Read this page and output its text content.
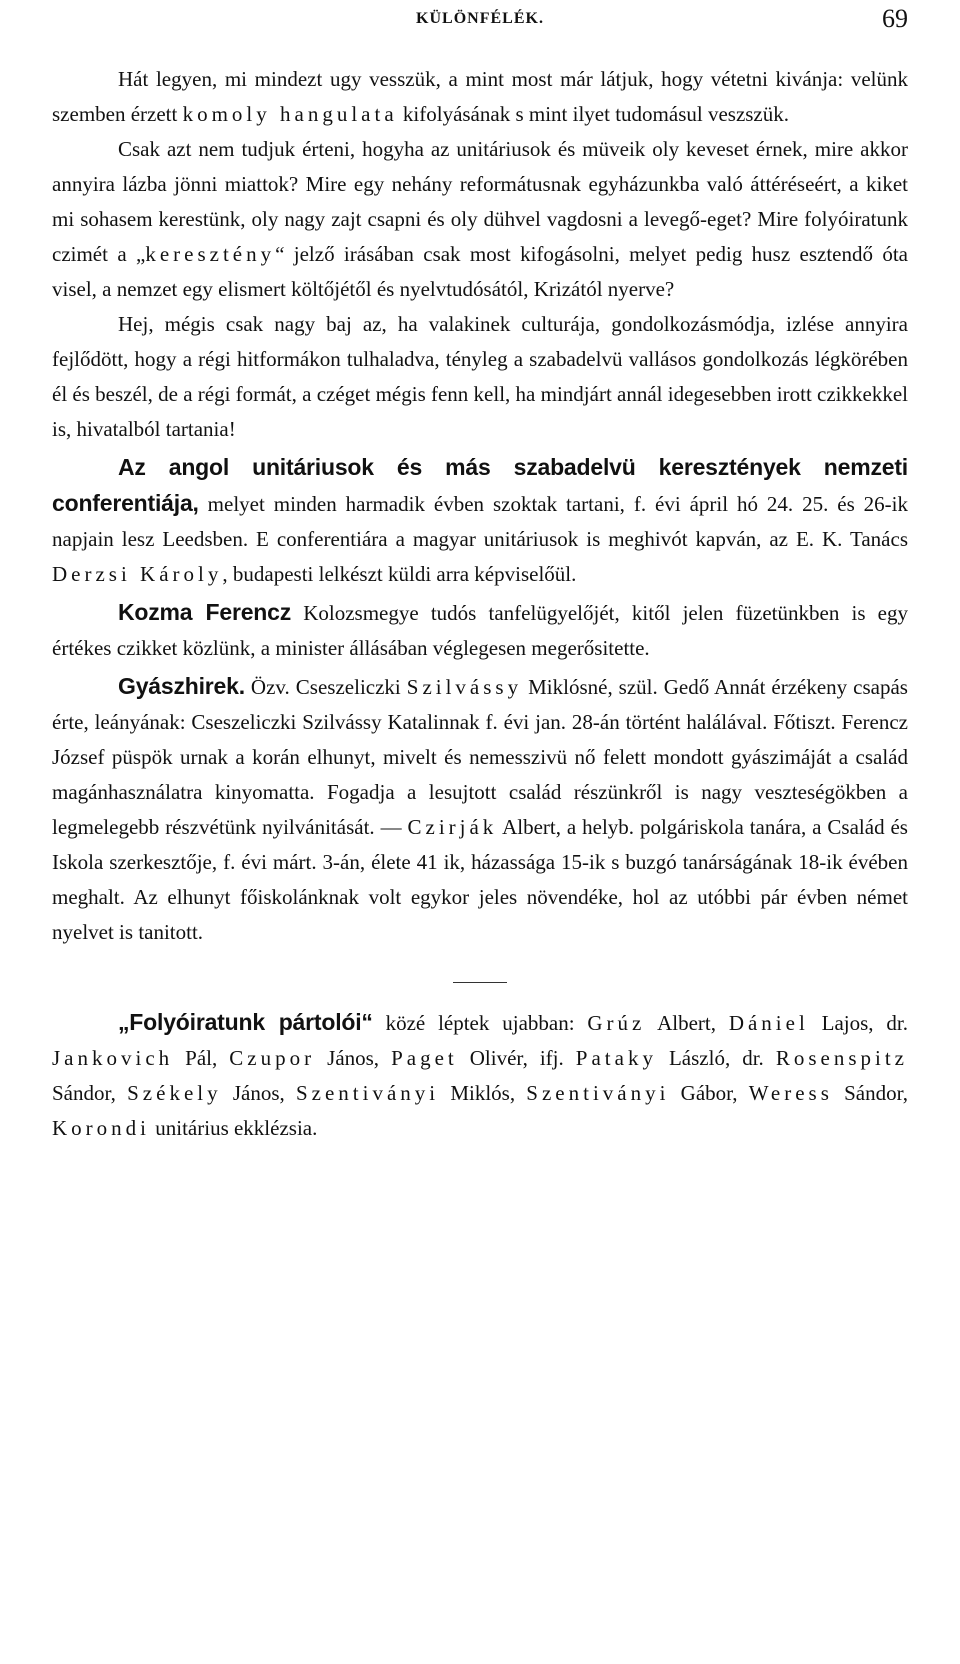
KÜLÖNFÉLÉK.	69

Hát legyen, mi mindezt ugy vesszük, a mint most már látjuk, hogy vétetni kivánja: velünk szemben érzett komoly hangulata kifolyásának s mint ilyet tudomásul veszszük.

Csak azt nem tudjuk érteni, hogyha az unitáriusok és müveik oly keveset érnek, mire akkor annyira lázba jönni miattok? Mire egy nehány reformátusnak egyházunkba való áttéréseért, a kiket mi sohasem kerestünk, oly nagy zajt csapni és oly dühvel vagdosni a levegő-eget? Mire folyóiratunk czimét a „keresztény“ jelző irásában csak most kifogásolni, melyet pedig husz esztendő óta visel, a nemzet egy elismert költőjétől és nyelvtudósától, Krizától nyerve?

Hej, mégis csak nagy baj az, ha valakinek culturája, gondolkozásmódja, izlése annyira fejlődött, hogy a régi hitformákon tulhaladva, tényleg a szabadelvü vallásos gondolkozás légkörében él és beszél, de a régi formát, a czéget mégis fenn kell, ha mindjárt annál idegesebben irott czikkekkel is, hivatalból tartania!

Az angol unitáriusok és más szabadelvü keresztények nemzeti conferentiája, melyet minden harmadik évben szoktak tartani, f. évi ápril hó 24. 25. és 26-ik napjain lesz Leedsben. E conferentiára a magyar unitáriusok is meghivót kapván, az E. K. Tanács Derzsi Károly, budapesti lelkészt küldi arra képviselőül.

Kozma Ferencz Kolozsmegye tudós tanfelügyelőjét, kitől jelen füzetünkben is egy értékes czikket közlünk, a minister állásában véglegesen megerősitette.

Gyászhirek. Özv. Cseszeliczki Szilvássy Miklósné, szül. Gedő Annát érzékeny csapás érte, leányának: Cseszeliczki Szilvássy Katalinnak f. évi jan. 28-án történt halálával. Főtiszt. Ferencz József püspök urnak a korán elhunyt, mivelt és nemesszivü nő felett mondott gyászimáját a család magánhasználatra kinyomatta. Fogadja a lesujtott család részünkről is nagy veszteségökben a legmelegebb részvétünk nyilvánitását. — Czirják Albert, a helyb. polgáriskola tanára, a Család és Iskola szerkesztője, f. évi márt. 3-án, élete 41 ik, házassága 15-ik s buzgó tanárságának 18-ik évében meghalt. Az elhunyt főiskolánknak volt egykor jeles növendéke, hol az utóbbi pár évben német nyelvet is tanitott.

„Folyóiratunk pártolói“ közé léptek ujabban: Grúz Albert, Dániel Lajos, dr. Jankovich Pál, Czupor János, Paget Olivér, ifj. Pataky László, dr. Rosenspitz Sándor, Székely János, Szentiványi Miklós, Szentiványi Gábor, Weress Sándor, Korondi unitárius ekklézsia.
